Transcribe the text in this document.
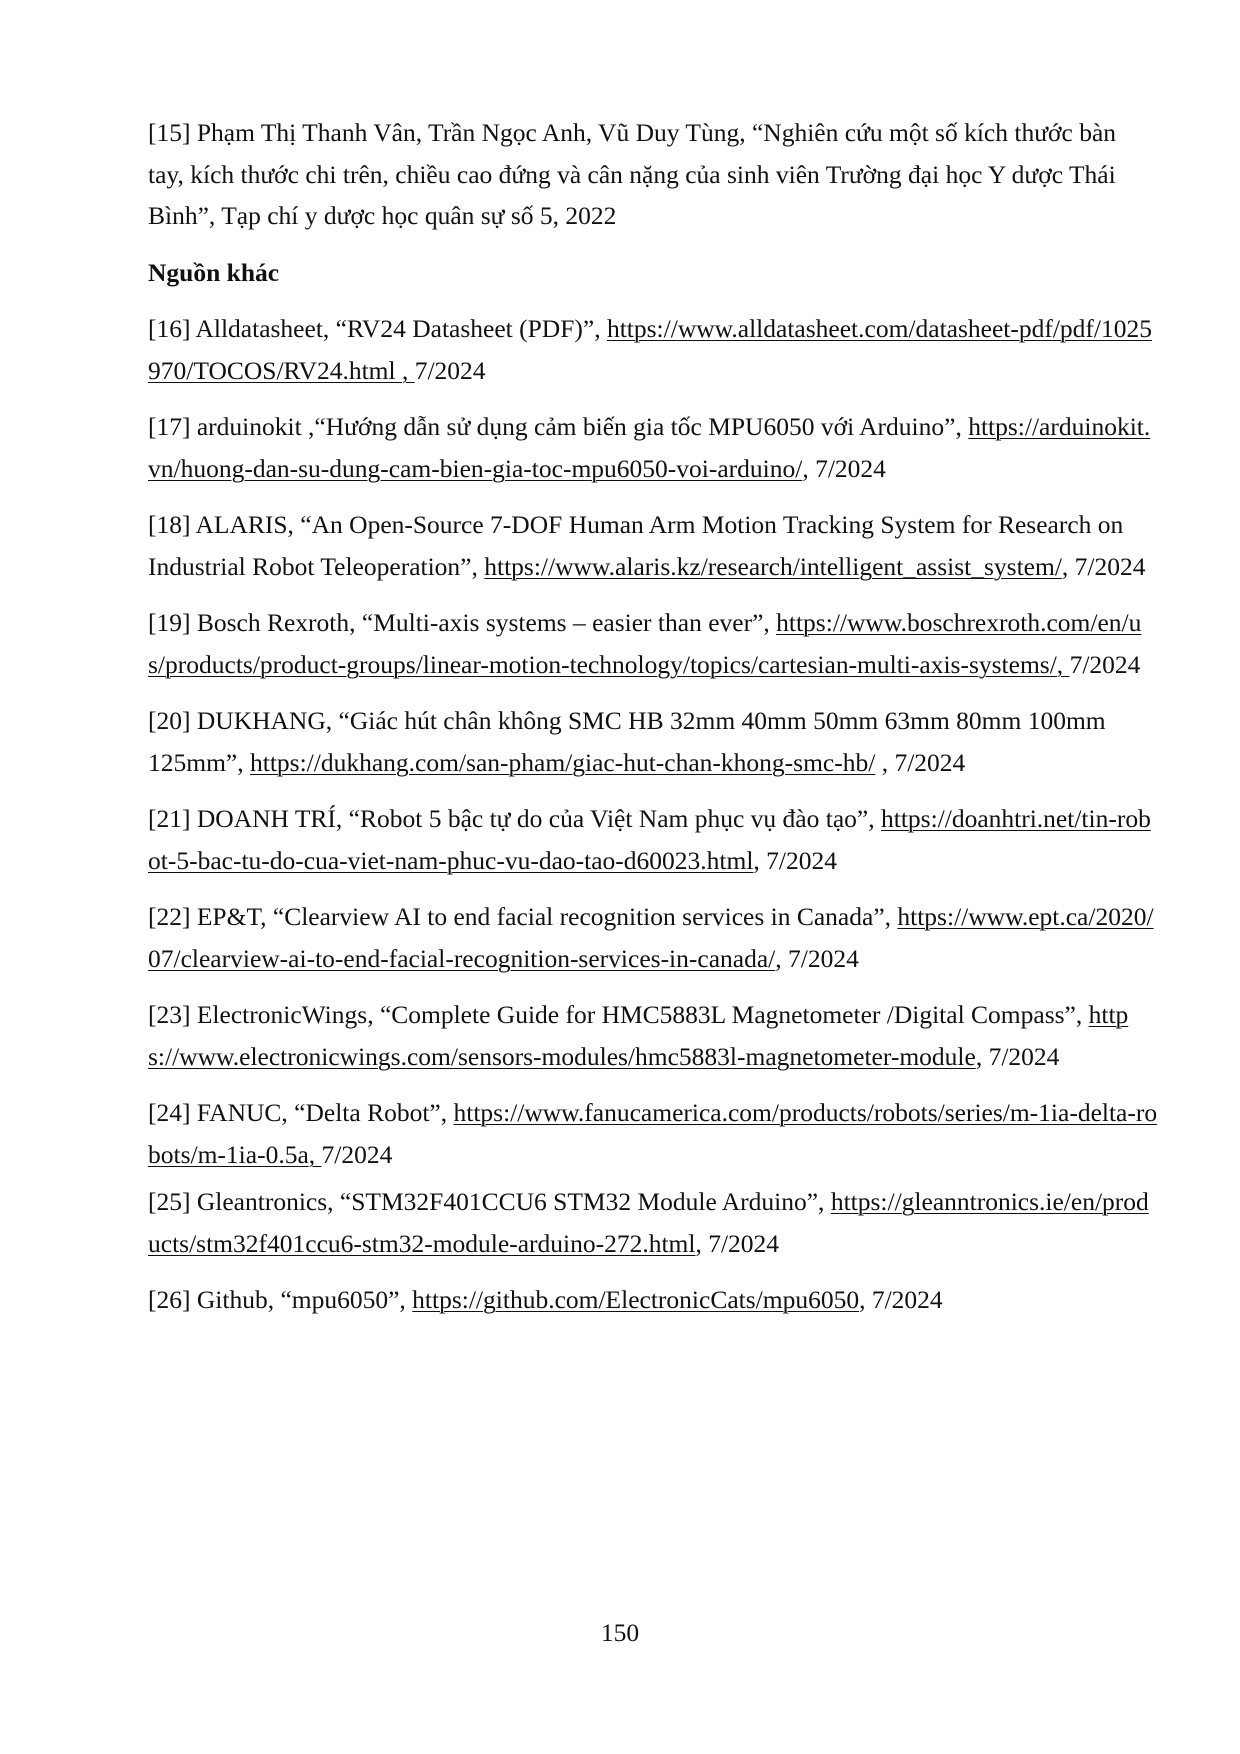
[15] Phạm Thị Thanh Vân, Trần Ngọc Anh, Vũ Duy Tùng, “Nghiên cứu một số kích thước bàn tay, kích thước chi trên, chiều cao đứng và cân nặng của sinh viên Trường đại học Y dược Thái Bình”, Tạp chí y dược học quân sự số 5, 2022

Nguồn khác

[16] Alldatasheet, “RV24 Datasheet (PDF)”, https://www.alldatasheet.com/datasheet-pdf/pdf/1025970/TOCOS/RV24.html , 7/2024

[17] arduinokit ,“Hướng dẫn sử dụng cảm biến gia tốc MPU6050 với Arduino”, https://arduinokit.vn/huong-dan-su-dung-cam-bien-gia-toc-mpu6050-voi-arduino/, 7/2024

[18] ALARIS, “An Open-Source 7-DOF Human Arm Motion Tracking System for Research on Industrial Robot Teleoperation”, https://www.alaris.kz/research/intelligent_assist_system/, 7/2024

[19] Bosch Rexroth, “Multi-axis systems – easier than ever”, https://www.boschrexroth.com/en/us/products/product-groups/linear-motion-technology/topics/cartesian-multi-axis-systems/, 7/2024

[20] DUKHANG, “Giác hút chân không SMC HB 32mm 40mm 50mm 63mm 80mm 100mm 125mm”, https://dukhang.com/san-pham/giac-hut-chan-khong-smc-hb/ , 7/2024

[21] DOANH TRÍ, “Robot 5 bậc tự do của Việt Nam phục vụ đào tạo”, https://doanhtri.net/tin-robot-5-bac-tu-do-cua-viet-nam-phuc-vu-dao-tao-d60023.html, 7/2024

[22] EP&T, “Clearview AI to end facial recognition services in Canada”, https://www.ept.ca/2020/07/clearview-ai-to-end-facial-recognition-services-in-canada/, 7/2024

[23] ElectronicWings, “Complete Guide for HMC5883L Magnetometer /Digital Compass”, https://www.electronicwings.com/sensors-modules/hmc5883l-magnetometer-module, 7/2024

[24] FANUC, “Delta Robot”, https://www.fanucamerica.com/products/robots/series/m-1ia-delta-robots/m-1ia-0.5a, 7/2024

[25] Gleantronics, “STM32F401CCU6 STM32 Module Arduino”, https://gleanntronics.ie/en/products/stm32f401ccu6-stm32-module-arduino-272.html, 7/2024

[26] Github, “mpu6050”, https://github.com/ElectronicCats/mpu6050, 7/2024

150
